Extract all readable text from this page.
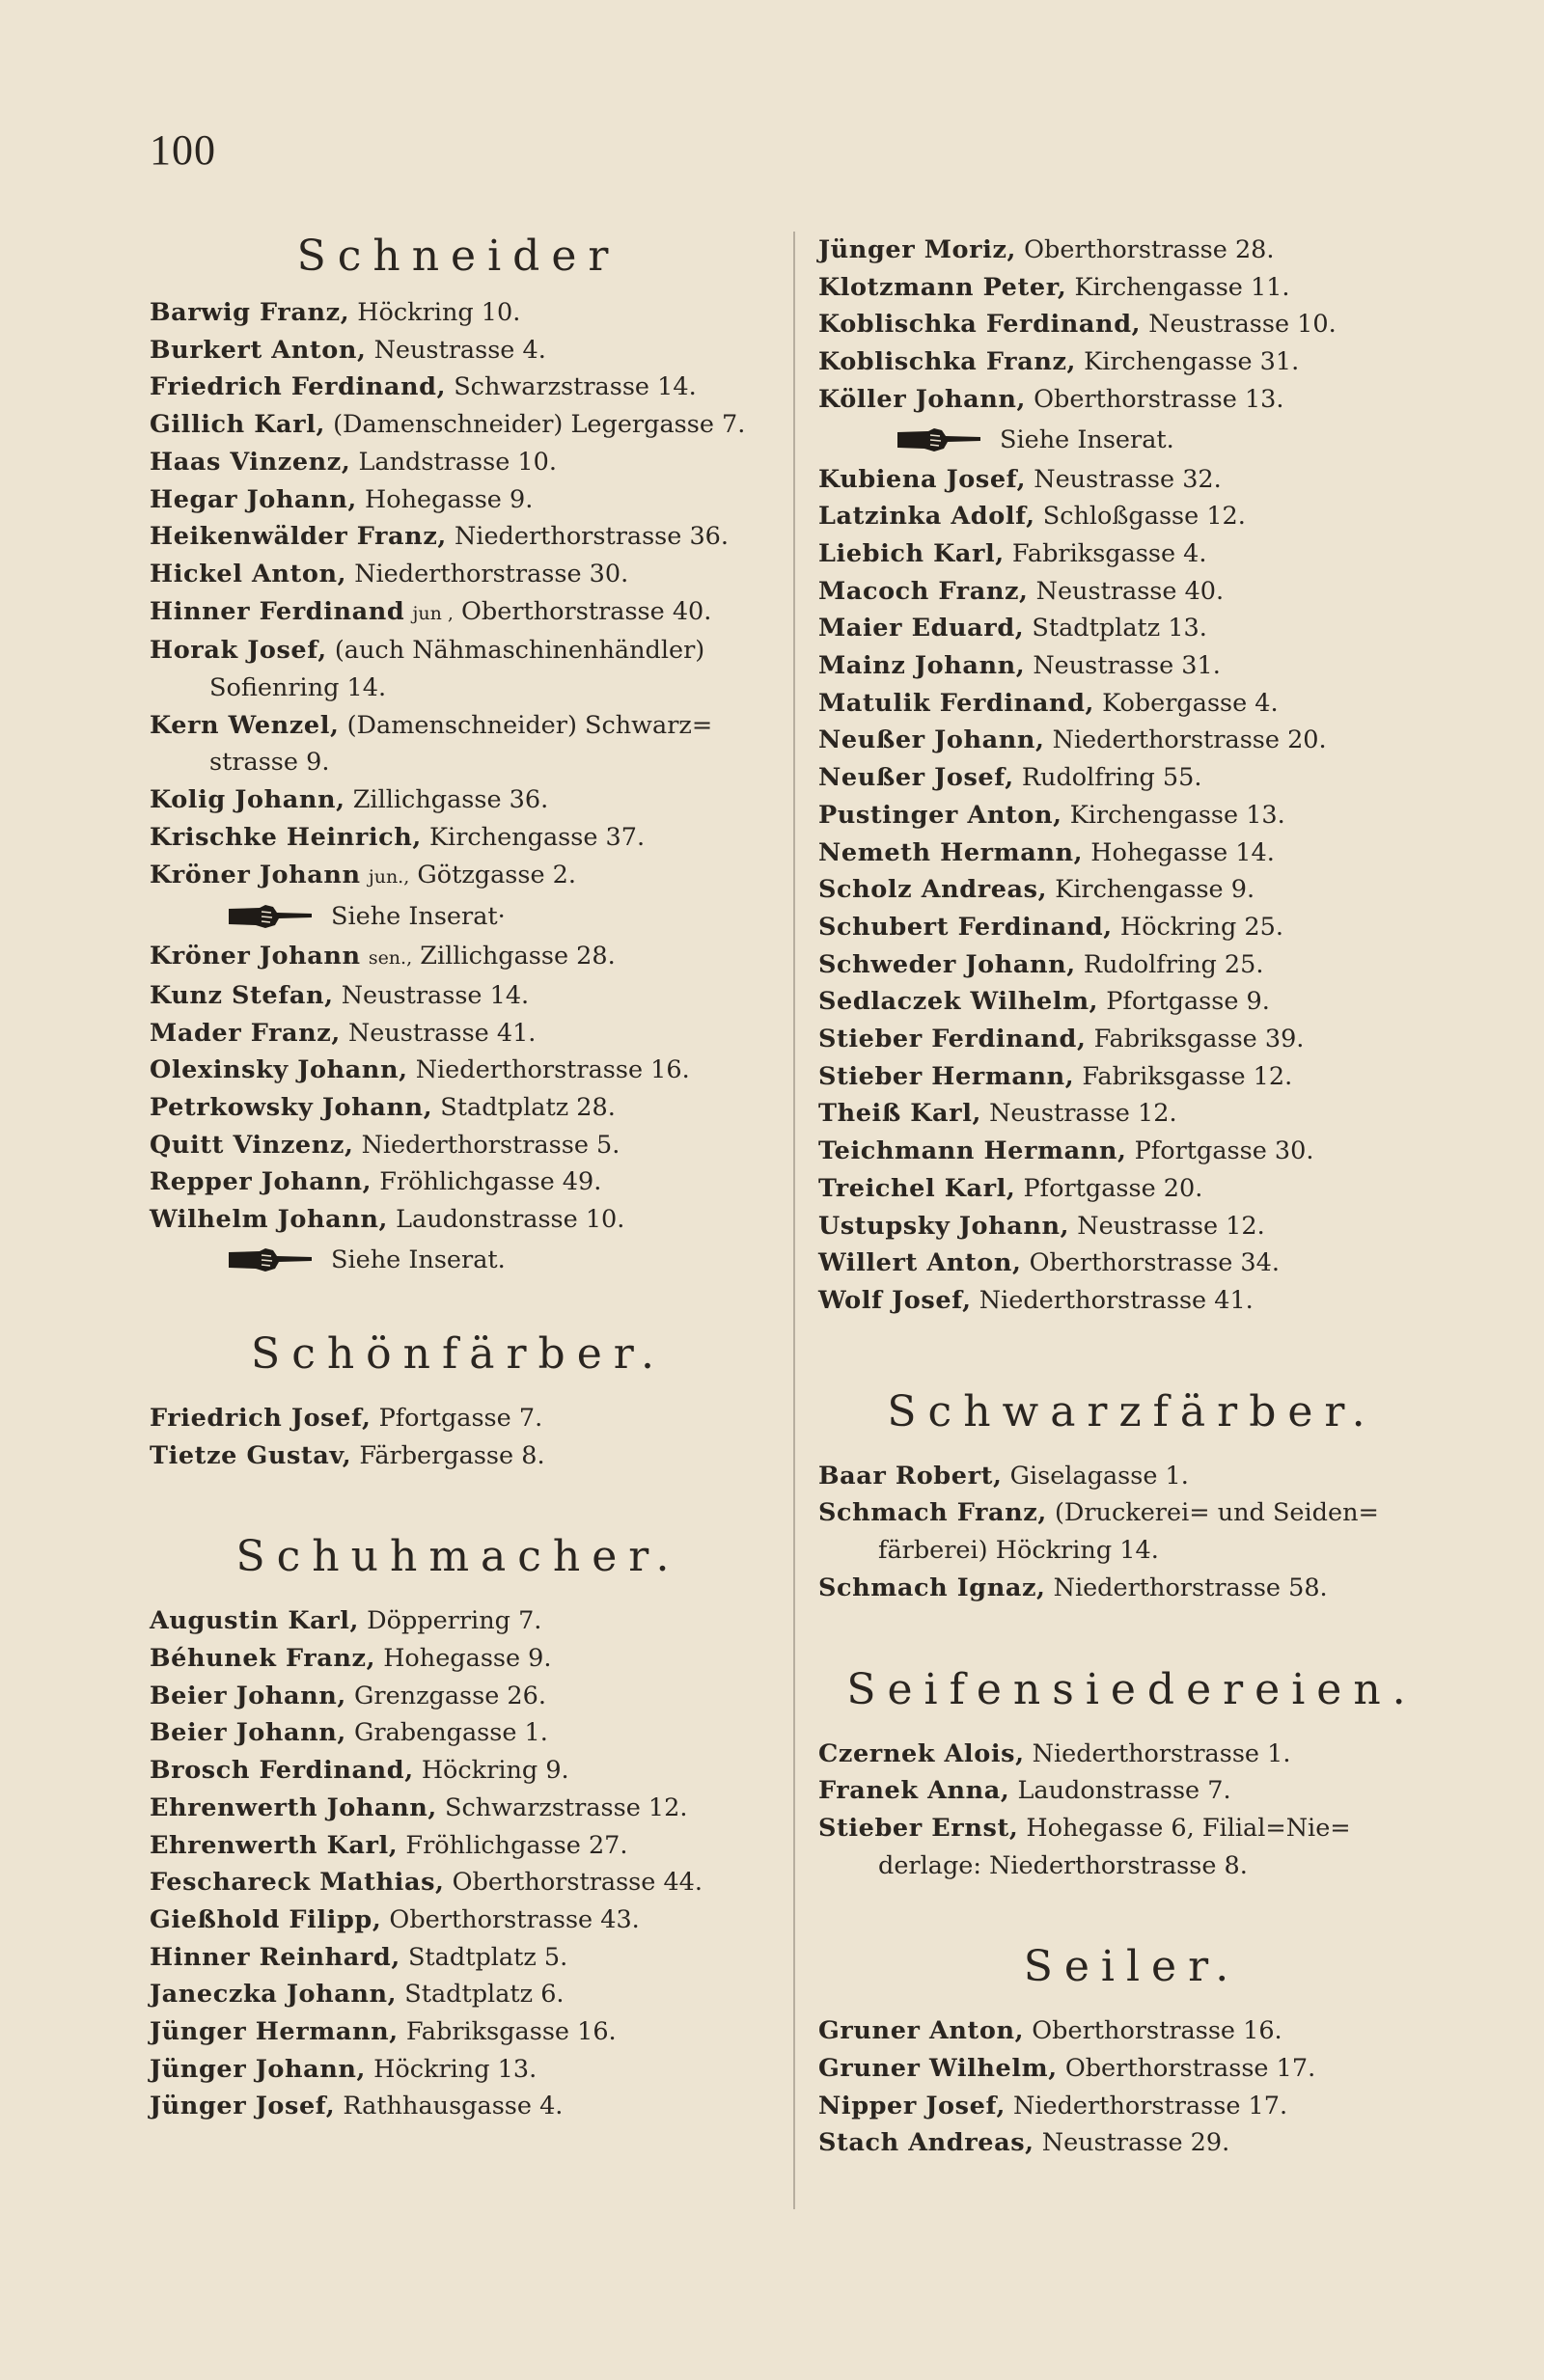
100
Schneider
Barwig Franz, Höckring 10.
Burkert Anton, Neustrasse 4.
Friedrich Ferdinand, Schwarzstrasse 14.
Gillich Karl, (Damenschneider) Legergasse 7.
Haas Vinzenz, Landstrasse 10.
Hegar Johann, Hohegasse 9.
Heikenwälder Franz, Niederthorstrasse 36.
Hickel Anton, Niederthorstrasse 30.
Hinner Ferdinand jun , Oberthorstrasse 40.
Horak Josef, (auch Nähmaschinenhändler) Sofienring 14.
Kern Wenzel, (Damenschneider) Schwarz= strasse 9.
Kolig Johann, Zillichgasse 36.
Krischke Heinrich, Kirchengasse 37.
Kröner Johann jun., Götzgasse 2.
Siehe Inserat·
Kröner Johann sen., Zillichgasse 28.
Kunz Stefan, Neustrasse 14.
Mader Franz, Neustrasse 41.
Olexinsky Johann, Niederthorstrasse 16.
Petrkowsky Johann, Stadtplatz 28.
Quitt Vinzenz, Niederthorstrasse 5.
Repper Johann, Fröhlichgasse 49.
Wilhelm Johann, Laudonstrasse 10.
Siehe Inserat.
Schönfärber.
Friedrich Josef, Pfortgasse 7.
Tietze Gustav, Färbergasse 8.
Schuhmacher.
Augustin Karl, Döpperring 7.
Béhunek Franz, Hohegasse 9.
Beier Johann, Grenzgasse 26.
Beier Johann, Grabengasse 1.
Brosch Ferdinand, Höckring 9.
Ehrenwerth Johann, Schwarzstrasse 12.
Ehrenwerth Karl, Fröhlichgasse 27.
Feschareck Mathias, Oberthorstrasse 44.
Gießhold Filipp, Oberthorstrasse 43.
Hinner Reinhard, Stadtplatz 5.
Janeczka Johann, Stadtplatz 6.
Jünger Hermann, Fabriksgasse 16.
Jünger Johann, Höckring 13.
Jünger Josef, Rathhausgasse 4.
Jünger Moriz, Oberthorstrasse 28.
Klotzmann Peter, Kirchengasse 11.
Koblischka Ferdinand, Neustrasse 10.
Koblischka Franz, Kirchengasse 31.
Köller Johann, Oberthorstrasse 13.
Siehe Inserat.
Kubiena Josef, Neustrasse 32.
Latzinka Adolf, Schloßgasse 12.
Liebich Karl, Fabriksgasse 4.
Macoch Franz, Neustrasse 40.
Maier Eduard, Stadtplatz 13.
Mainz Johann, Neustrasse 31.
Matulik Ferdinand, Kobergasse 4.
Neußer Johann, Niederthorstrasse 20.
Neußer Josef, Rudolfring 55.
Pustinger Anton, Kirchengasse 13.
Nemeth Hermann, Hohegasse 14.
Scholz Andreas, Kirchengasse 9.
Schubert Ferdinand, Höckring 25.
Schweder Johann, Rudolfring 25.
Sedlaczek Wilhelm, Pfortgasse 9.
Stieber Ferdinand, Fabriksgasse 39.
Stieber Hermann, Fabriksgasse 12.
Theiß Karl, Neustrasse 12.
Teichmann Hermann, Pfortgasse 30.
Treichel Karl, Pfortgasse 20.
Ustupsky Johann, Neustrasse 12.
Willert Anton, Oberthorstrasse 34.
Wolf Josef, Niederthorstrasse 41.
Schwarzfärber.
Baar Robert, Giselagasse 1.
Schmach Franz, (Druckerei= und Seiden= färberei) Höckring 14.
Schmach Ignaz, Niederthorstrasse 58.
Seifensiedereien.
Czernek Alois, Niederthorstrasse 1.
Franek Anna, Laudonstrasse 7.
Stieber Ernst, Hohegasse 6, Filial=Nie= derlage: Niederthorstrasse 8.
Seiler.
Gruner Anton, Oberthorstrasse 16.
Gruner Wilhelm, Oberthorstrasse 17.
Nipper Josef, Niederthorstrasse 17.
Stach Andreas, Neustrasse 29.
